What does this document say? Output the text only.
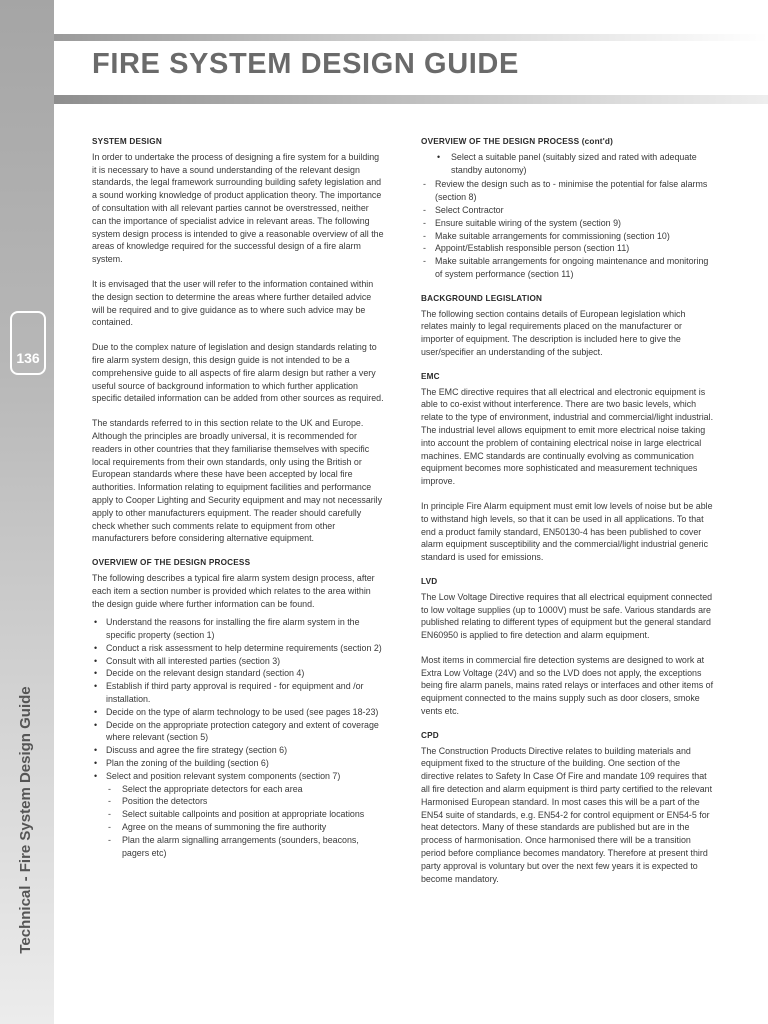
136
Technical - Fire System Design Guide
FIRE SYSTEM DESIGN GUIDE
SYSTEM DESIGN

In order to undertake the process of designing a fire system for a building it is necessary to have a sound understanding of the relevant design standards, the legal framework surrounding building safety legislation and a sound working knowledge of product application theory. The importance of consultation with all relevant parties cannot be overstressed, neither can the importance of specialist advice in relevant areas. The following system design process is intended to give a reasonable overview of all the areas of knowledge required for the successful design of a fire alarm system.

It is envisaged that the user will refer to the information contained within the design section to determine the areas where further detailed advice will be required and to give guidance as to where such advice may be contained.

Due to the complex nature of legislation and design standards relating to fire alarm system design, this design guide is not intended to be a comprehensive guide to all aspects of fire alarm design but rather a very useful source of background information to which further application specific detailed information can be added from other sources as required.

The standards referred to in this section relate to the UK and Europe. Although the principles are broadly universal, it is recommended for readers in other countries that they familiarise themselves with specific local requirements from their own standards, only using the British or European standards where these have been accepted by local fire authorities. Information relating to equipment facilities and performance apply to Cooper Lighting and Security equipment and may not necessarily apply to other manufacturers equipment. The reader should carefully check whether such comments relate to equipment from other manufacturers before considering alternative equipment.

OVERVIEW OF THE DESIGN PROCESS

The following describes a typical fire alarm system design process, after each item a section number is provided which relates to the area within the design guide where further information can be found.

• Understand the reasons for installing the fire alarm system in the specific property (section 1)
• Conduct a risk assessment to help determine requirements (section 2)
• Consult with all interested parties (section 3)
• Decide on the relevant design standard (section 4)
• Establish if third party approval is required - for equipment and /or installation.
• Decide on the type of alarm technology to be used (see pages 18-23)
• Decide on the appropriate protection category and extent of coverage where relevant (section 5)
• Discuss and agree the fire strategy (section 6)
• Plan the zoning of the building (section 6)
• Select and position relevant system components (section 7)
- Select the appropriate detectors for each area
- Position the detectors
- Select suitable callpoints and position at appropriate locations
- Agree on the means of summoning the fire authority
- Plan the alarm signalling arrangements (sounders, beacons, pagers etc)
OVERVIEW OF THE DESIGN PROCESS (cont'd)
• Select a suitable panel (suitably sized and rated with adequate standby autonomy)
- Review the design such as to - minimise the potential for false alarms (section 8)
- Select Contractor
- Ensure suitable wiring of the system (section 9)
- Make suitable arrangements for commissioning (section 10)
- Appoint/Establish responsible person (section 11)
- Make suitable arrangements for ongoing maintenance and monitoring of system performance (section 11)
BACKGROUND LEGISLATION

The following section contains details of European legislation which relates mainly to legal requirements placed on the manufacturer or importer of equipment. The description is included here to give the user/specifier an understanding of the subject.

EMC

The EMC directive requires that all electrical and electronic equipment is able to co-exist without interference. There are two basic levels, which relate to the type of environment, industrial and commercial/light industrial. The industrial level allows equipment to emit more electrical noise taking into account the problem of containing electrical noise in large electrical machines. EMC standards are continually evolving as communication equipment becomes more sophisticated and measurement techniques improve.

In principle Fire Alarm equipment must emit low levels of noise but be able to withstand high levels, so that it can be used in all applications. To that end a product family standard, EN50130-4 has been published to cover alarm equipment susceptibility and the commercial/light industrial generic standard is used for emissions.

LVD

The Low Voltage Directive requires that all electrical equipment connected to low voltage supplies (up to 1000V) must be safe. Various standards are published relating to different types of equipment but the general standard EN60950 is applied to fire detection and alarm equipment.

Most items in commercial fire detection systems are designed to work at Extra Low Voltage (24V) and so the LVD does not apply, the exceptions being fire alarm panels, mains rated relays or interfaces and other items of equipment connected to the mains supply such as door closers, smoke vents etc.

CPD

The Construction Products Directive relates to building materials and equipment fixed to the structure of the building. One section of the directive relates to Safety In Case Of Fire and mandate 109 requires that all fire detection and alarm equipment is third party certified to the relevant Harmonised European standard. In most cases this will be a part of the EN54 suite of standards, e.g. EN54-2 for control equipment or EN54-5 for heat detectors. Many of these standards are published but are in the process of harmonisation. Once harmonised there will be a transition period before compliance becomes mandatory. Therefore at present third party approval is voluntary but over the next few years it is expected to become mandatory.
